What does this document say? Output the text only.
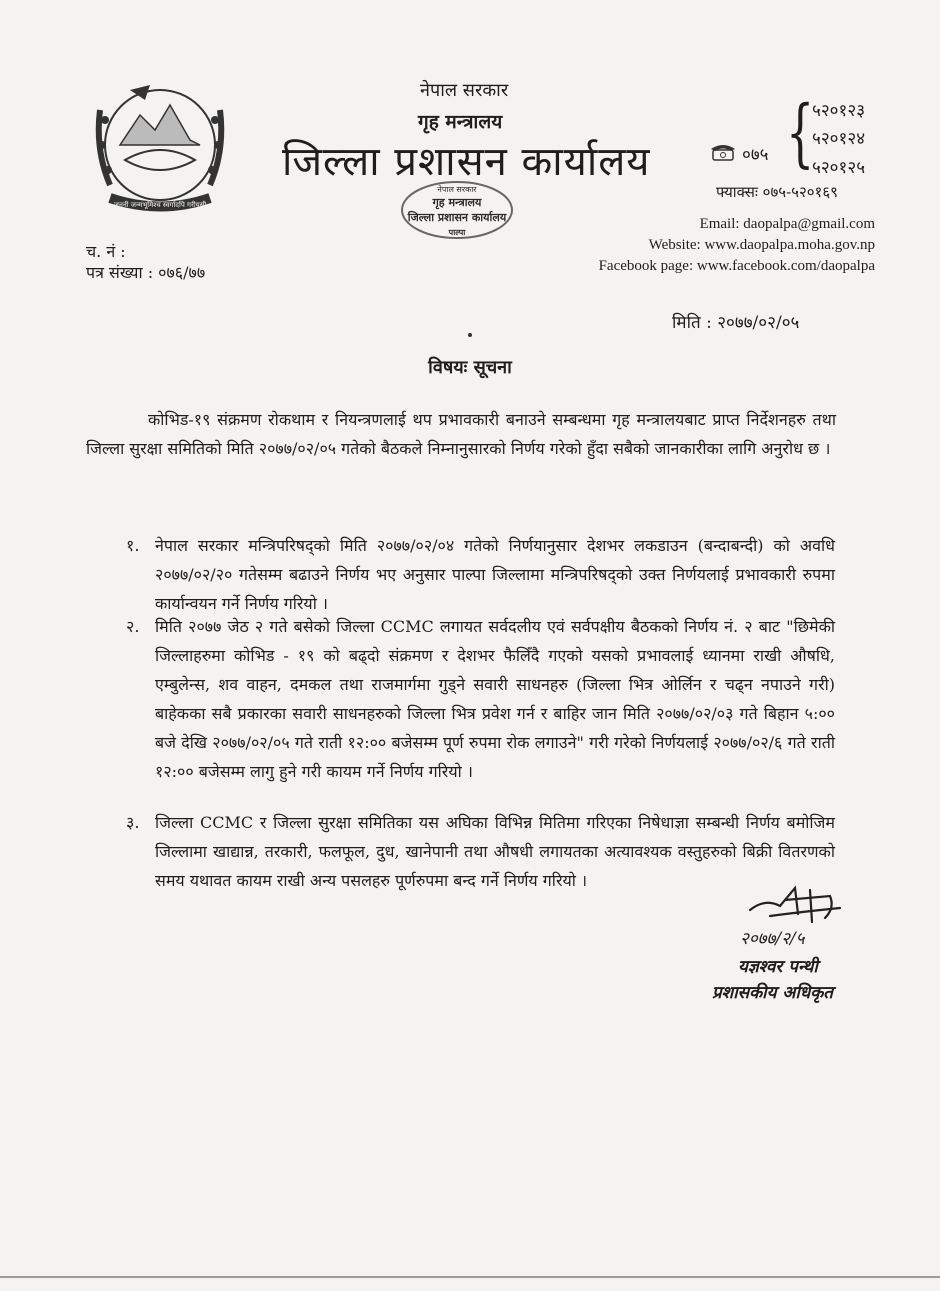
जननी जन्मभूमिश्च स्वर्गादपि गरीयसी
नेपाल सरकार
गृह मन्त्रालय
जिल्ला प्रशासन कार्यालय
नेपाल सरकार
गृह मन्त्रालय
जिल्ला प्रशासन कार्यालय
पाल्पा
०७५ {
५२०१२३
५२०१२४
५२०१२५
फ्याक्सः ०७५-५२०१६९
Email: daopalpa@gmail.com
Website: www.daopalpa.moha.gov.np
Facebook page: www.facebook.com/daopalpa
च. नं :
पत्र संख्या : ०७६/७७
मिति : २०७७/०२/०५
विषयः सूचना
कोभिड-१९ संक्रमण रोकथाम र नियन्त्रणलाई थप प्रभावकारी बनाउने सम्बन्धमा गृह मन्त्रालयबाट प्राप्त निर्देशनहरु तथा जिल्ला सुरक्षा समितिको मिति २०७७/०२/०५ गतेको बैठकले निम्नानुसारको निर्णय गरेको हुँदा सबैको जानकारीका लागि अनुरोध छ ।
१. नेपाल सरकार मन्त्रिपरिषद्को मिति २०७७/०२/०४ गतेको निर्णयानुसार देशभर लकडाउन (बन्दाबन्दी) को अवधि २०७७/०२/२० गतेसम्म बढाउने निर्णय भए अनुसार पाल्पा जिल्लामा मन्त्रिपरिषद्को उक्त निर्णयलाई प्रभावकारी रुपमा कार्यान्वयन गर्ने निर्णय गरियो ।
२. मिति २०७७ जेठ २ गते बसेको जिल्ला CCMC लगायत सर्वदलीय एवं सर्वपक्षीय बैठकको निर्णय नं. २ बाट "छिमेकी जिल्लाहरुमा कोभिड - १९ को बढ्दो संक्रमण र देशभर फैलिँदै गएको यसको प्रभावलाई ध्यानमा राखी औषधि, एम्बुलेन्स, शव वाहन, दमकल तथा राजमार्गमा गुड्ने सवारी साधनहरु (जिल्ला भित्र ओर्लिन र चढ्न नपाउने गरी) बाहेकका सबै प्रकारका सवारी साधनहरुको जिल्ला भित्र प्रवेश गर्न र बाहिर जान मिति २०७७/०२/०३ गते बिहान ५:०० बजे देखि २०७७/०२/०५ गते राती १२:०० बजेसम्म पूर्ण रुपमा रोक लगाउने" गरी गरेको निर्णयलाई २०७७/०२/६ गते राती १२:०० बजेसम्म लागु हुने गरी कायम गर्ने निर्णय गरियो ।
३. जिल्ला CCMC र जिल्ला सुरक्षा समितिका यस अघिका विभिन्न मितिमा गरिएका निषेधाज्ञा सम्बन्धी निर्णय बमोजिम जिल्लामा खाद्यान्न, तरकारी, फलफूल, दुध, खानेपानी तथा औषधी लगायतका अत्यावश्यक वस्तुहरुको बिक्री वितरणको समय यथावत कायम राखी अन्य पसलहरु पूर्णरुपमा बन्द गर्ने निर्णय गरियो ।
२०७७/२/५
यज्ञश्वर पन्थी
प्रशासकीय अधिकृत
